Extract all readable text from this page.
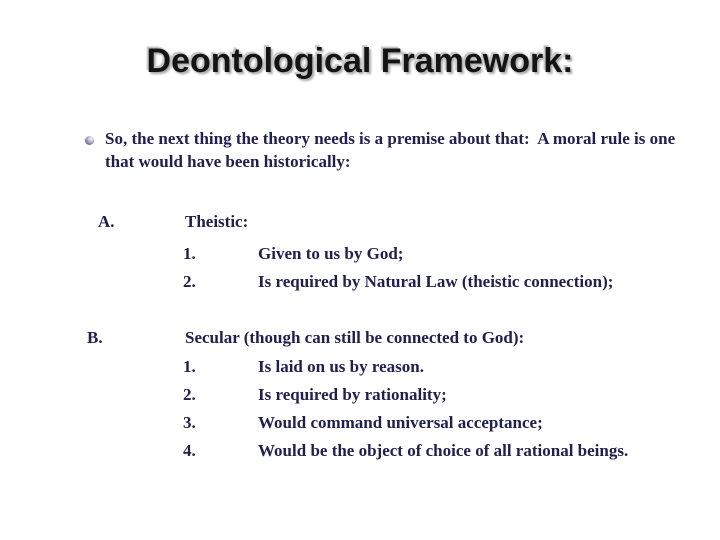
Deontological Framework:
So, the next thing the theory needs is a premise about that:  A moral rule is one that would have been historically:
A.	Theistic:
1.	Given to us by God;
2.	Is required by Natural Law (theistic connection);
B.	Secular (though can still be connected to God):
1.	Is laid on us by reason.
2.	Is required by rationality;
3.	Would command universal acceptance;
4.	Would be the object of choice of all rational beings.
